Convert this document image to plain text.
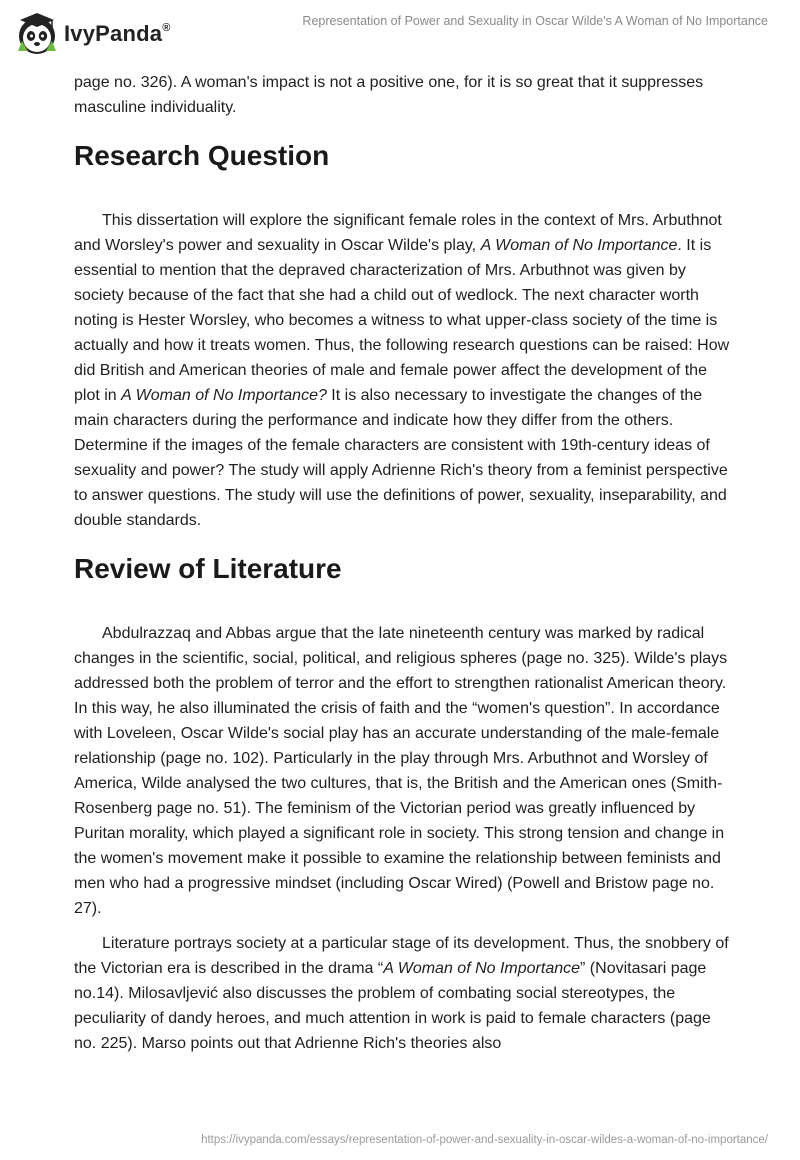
IvyPanda®	Representation of Power and Sexuality in Oscar Wilde's A Woman of No Importance

page no. 326). A woman's impact is not a positive one, for it is so great that it suppresses masculine individuality.

Research Question

This dissertation will explore the significant female roles in the context of Mrs. Arbuthnot and Worsley's power and sexuality in Oscar Wilde's play, A Woman of No Importance. It is essential to mention that the depraved characterization of Mrs. Arbuthnot was given by society because of the fact that she had a child out of wedlock. The next character worth noting is Hester Worsley, who becomes a witness to what upper-class society of the time is actually and how it treats women. Thus, the following research questions can be raised: How did British and American theories of male and female power affect the development of the plot in A Woman of No Importance? It is also necessary to investigate the changes of the main characters during the performance and indicate how they differ from the others. Determine if the images of the female characters are consistent with 19th-century ideas of sexuality and power? The study will apply Adrienne Rich's theory from a feminist perspective to answer questions. The study will use the definitions of power, sexuality, inseparability, and double standards.

Review of Literature

Abdulrazzaq and Abbas argue that the late nineteenth century was marked by radical changes in the scientific, social, political, and religious spheres (page no. 325). Wilde's plays addressed both the problem of terror and the effort to strengthen rationalist American theory. In this way, he also illuminated the crisis of faith and the “women's question”. In accordance with Loveleen, Oscar Wilde's social play has an accurate understanding of the male-female relationship (page no. 102). Particularly in the play through Mrs. Arbuthnot and Worsley of America, Wilde analysed the two cultures, that is, the British and the American ones (Smith-Rosenberg page no. 51). The feminism of the Victorian period was greatly influenced by Puritan morality, which played a significant role in society. This strong tension and change in the women's movement make it possible to examine the relationship between feminists and men who had a progressive mindset (including Oscar Wired) (Powell and Bristow page no. 27).

Literature portrays society at a particular stage of its development. Thus, the snobbery of the Victorian era is described in the drama “A Woman of No Importance” (Novitasari page no.14). Milosavljević also discusses the problem of combating social stereotypes, the peculiarity of dandy heroes, and much attention in work is paid to female characters (page no. 225). Marso points out that Adrienne Rich's theories also

https://ivypanda.com/essays/representation-of-power-and-sexuality-in-oscar-wildes-a-woman-of-no-importance/
